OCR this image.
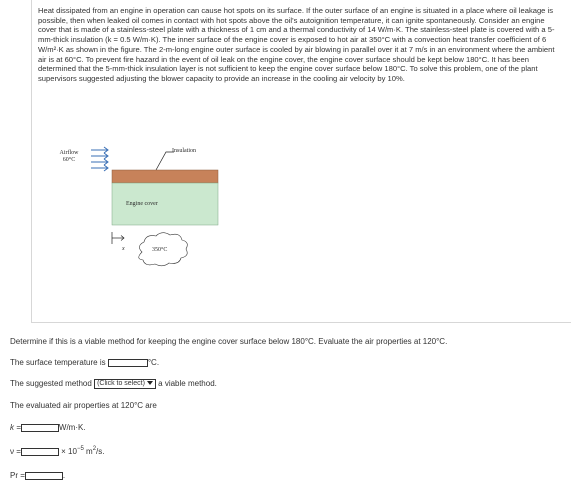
Heat dissipated from an engine in operation can cause hot spots on its surface. If the outer surface of an engine is situated in a place where oil leakage is possible, then when leaked oil comes in contact with hot spots above the oil's autoignition temperature, it can ignite spontaneously. Consider an engine cover that is made of a stainless-steel plate with a thickness of 1 cm and a thermal conductivity of 14 W/m·K. The stainless-steel plate is covered with a 5-mm-thick insulation (k = 0.5 W/m·K). The inner surface of the engine cover is exposed to hot air at 350°C with a convection heat transfer coefficient of 6 W/m²·K as shown in the figure. The 2-m-long engine outer surface is cooled by air blowing in parallel over it at 7 m/s in an environment where the ambient air is at 60°C. To prevent fire hazard in the event of oil leak on the engine cover, the engine cover surface should be kept below 180°C. It has been determined that the 5-mm-thick insulation layer is not sufficient to keep the engine cover surface below 180°C. To solve this problem, one of the plant supervisors suggested adjusting the blower capacity to provide an increase in the cooling air velocity by 10%.

Airflow
60°C
Insulation
Engine cover
x	350°C
Determine if this is a viable method for keeping the engine cover surface below 180°C. Evaluate the air properties at 120°C.
The surface temperature is	°C.
The suggested method (Click to select) a viable method.
The evaluated air properties at 120°C are
k =	W/m·K.
ν =	× $10^{-5}$ $m^2/s$.
Pr =	.
